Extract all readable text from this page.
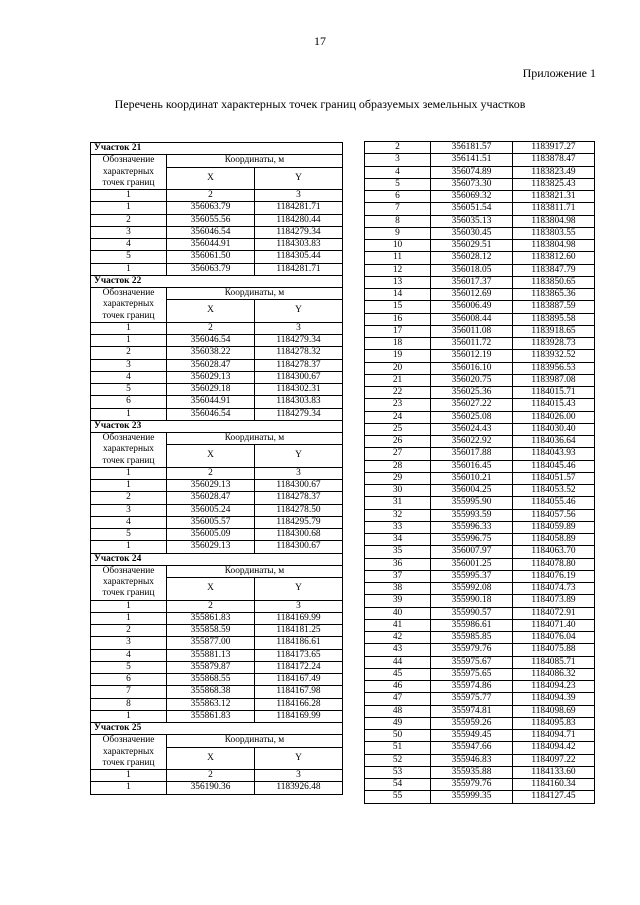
17
Приложение 1
Перечень координат характерных точек границ образуемых земельных участков
Участок 21		
Обозначение
характерных
точек границ	Координаты, м	
	X	Y

1	2	3
1	356063.79	1184281.71
2	356055.56	1184280.44
3	356046.54	1184279.34
4	356044.91	1184303.83
5	356061.50	1184305.44
1	356063.79	1184281.71
Участок 22		
Обозначение
характерных
точек границ	Координаты, м	
	X	Y

1	2	3
1	356046.54	1184279.34
2	356038.22	1184278.32
3	356028.47	1184278.37
4	356029.13	1184300.67
5	356029.18	1184302.31
6	356044.91	1184303.83
1	356046.54	1184279.34
Участок 23		
Обозначение
характерных
точек границ	Координаты, м	
	X	Y

1	2	3
1	356029.13	1184300.67
2	356028.47	1184278.37
3	356005.24	1184278.50
4	356005.57	1184295.79
5	356005.09	1184300.68
1	356029.13	1184300.67
Участок 24		
Обозначение
характерных
точек границ	Координаты, м	
	X	Y

1	2	3
1	355861.83	1184169.99
2	355858.59	1184181.25
3	355877.00	1184186.61
4	355881.13	1184173.65
5	355879.87	1184172.24
6	355868.55	1184167.49
7	355868.38	1184167.98
8	355863.12	1184166.28
1	355861.83	1184169.99
Участок 25		
Обозначение
характерных
точек границ	Координаты, м	
	X	Y

1	2	3
1	356190.36	1183926.48
2	356181.57	1183917.27
3	356141.51	1183878.47
4	356074.89	1183823.49
5	356073.30	1183825.43
6	356069.32	1183821.31
7	356051.54	1183811.71
8	356035.13	1183804.98
9	356030.45	1183803.55
10	356029.51	1183804.98
11	356028.12	1183812.60
12	356018.05	1183847.79
13	356017.37	1183850.65
14	356012.69	1183865.36
15	356006.49	1183887.59
16	356008.44	1183895.58
17	356011.08	1183918.65
18	356011.72	1183928.73
19	356012.19	1183932.52
20	356016.10	1183956.53
21	356020.75	1183987.08
22	356025.36	1184015.71
23	356027.22	1184015.43
24	356025.08	1184026.00
25	356024.43	1184030.40
26	356022.92	1184036.64
27	356017.88	1184043.93
28	356016.45	1184045.46
29	356010.21	1184051.57
30	356004.25	1184053.52
31	355995.90	1184055.46
32	355993.59	1184057.56
33	355996.33	1184059.89
34	355996.75	1184058.89
35	356007.97	1184063.70
36	356001.25	1184078.80
37	355995.37	1184076.19
38	355992.08	1184074.73
39	355990.18	1184073.89
40	355990.57	1184072.91
41	355986.61	1184071.40
42	355985.85	1184076.04
43	355979.76	1184075.88
44	355975.67	1184085.71
45	355975.65	1184086.32
46	355974.86	1184094.23
47	355975.77	1184094.39
48	355974.81	1184098.69
49	355959.26	1184095.83
50	355949.45	1184094.71
51	355947.66	1184094.42
52	355946.83	1184097.22
53	355935.88	1184133.60
54	355979.76	1184160.34
55	355999.35	1184127.45
